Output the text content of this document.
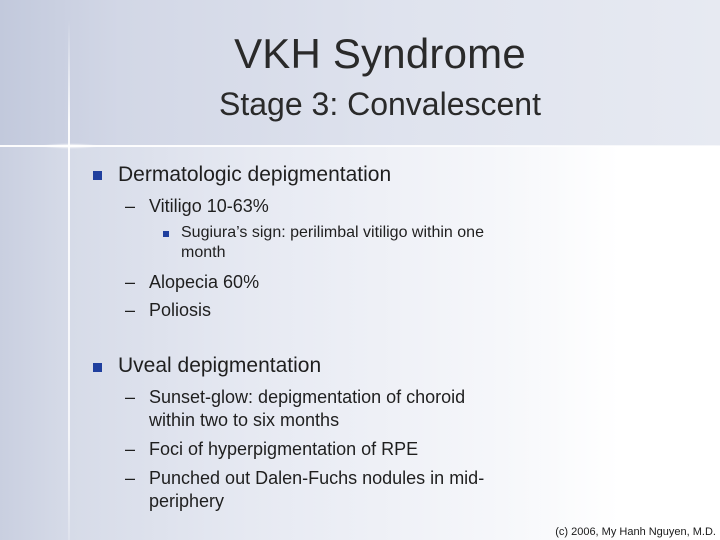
VKH Syndrome
Stage 3: Convalescent
Dermatologic depigmentation
– Vitiligo 10-63%
Sugiura’s sign: perilimbal vitiligo within one
month
– Alopecia 60%
– Poliosis
Uveal depigmentation
– Sunset-glow: depigmentation of choroid
within two to six months
– Foci of hyperpigmentation of RPE
– Punched out Dalen-Fuchs nodules in mid-
periphery
(c) 2006, My Hanh Nguyen, M.D.
